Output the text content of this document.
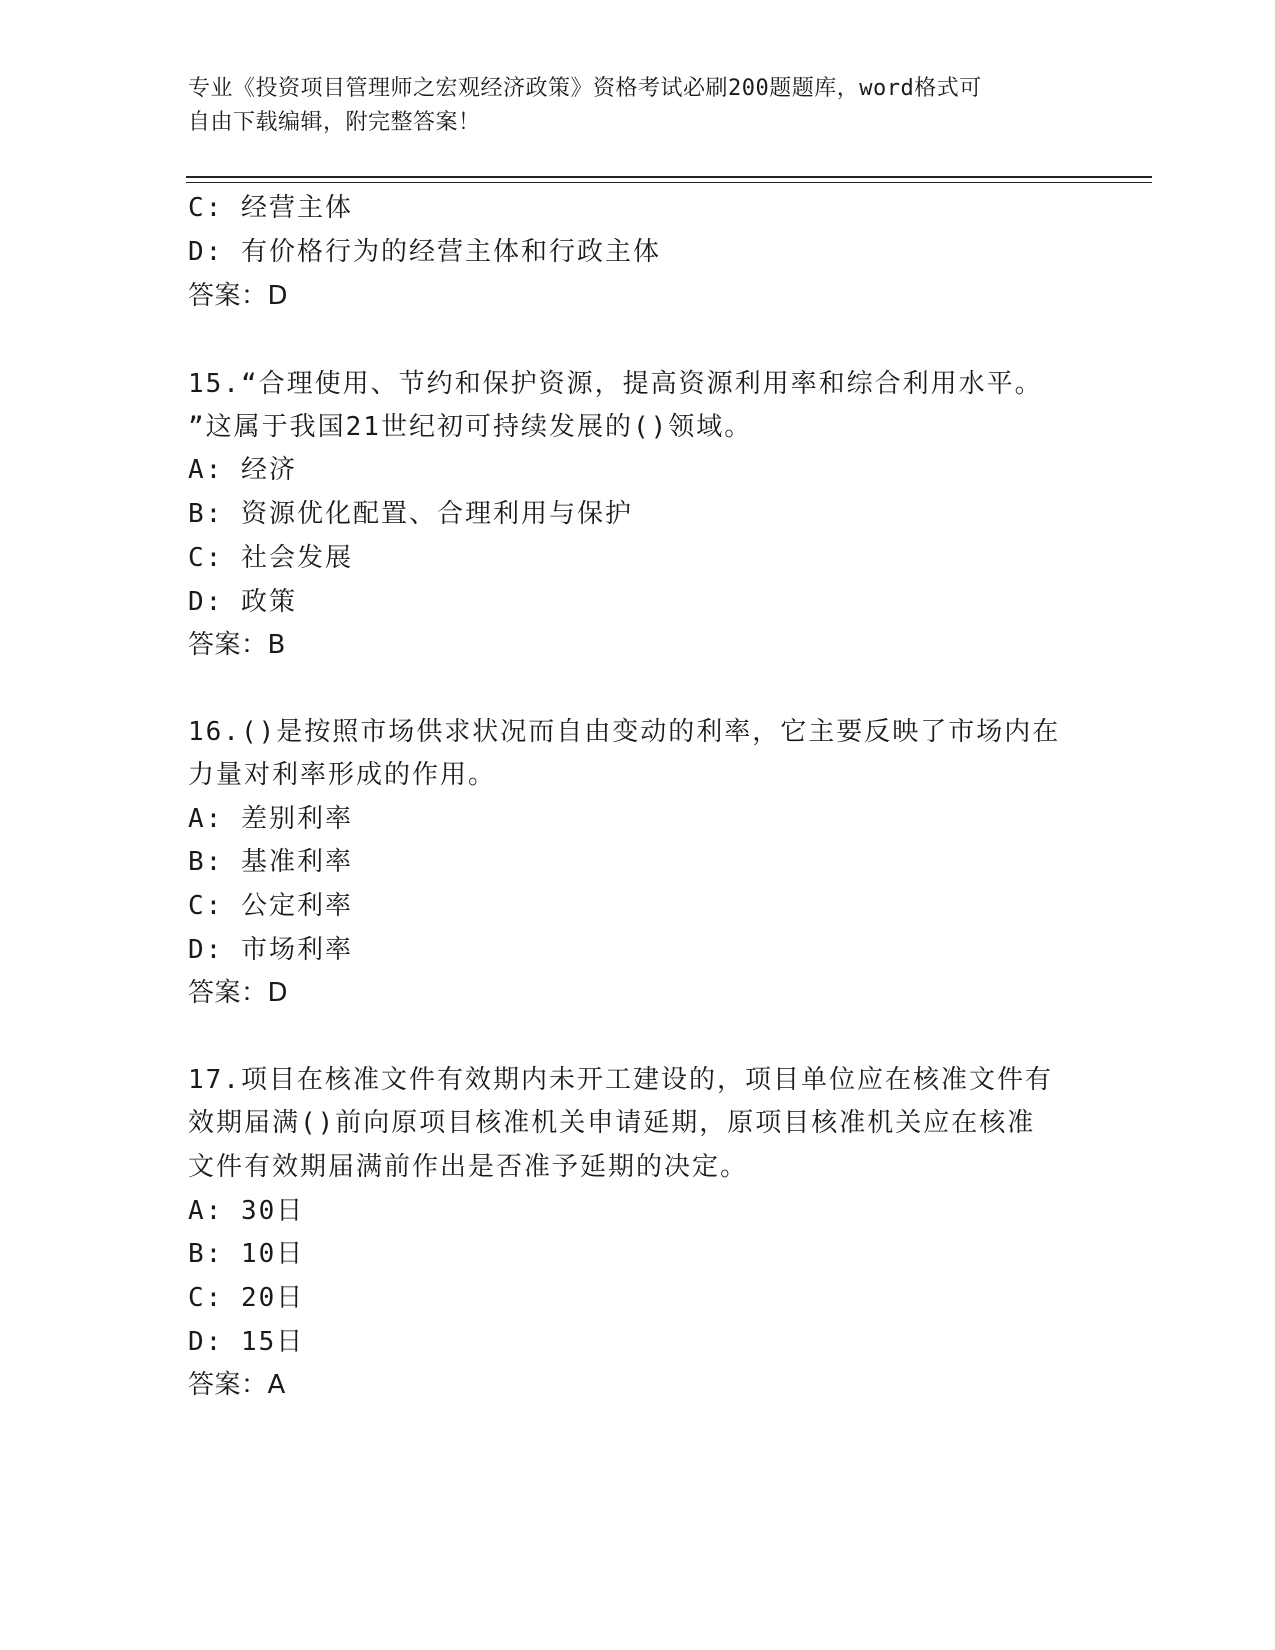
专业《投资项目管理师之宏观经济政策》资格考试必刷200题题库，word格式可
自由下载编辑，附完整答案！
C: 经营主体
D: 有价格行为的经营主体和行政主体
答案：D
15.“合理使用、节约和保护资源，提高资源利用率和综合利用水平。
”这属于我国21世纪初可持续发展的()领域。
A: 经济
B: 资源优化配置、合理利用与保护
C: 社会发展
D: 政策
答案：B
16.()是按照市场供求状况而自由变动的利率，它主要反映了市场内在
力量对利率形成的作用。
A: 差别利率
B: 基准利率
C: 公定利率
D: 市场利率
答案：D
17.项目在核准文件有效期内未开工建设的，项目单位应在核准文件有
效期届满()前向原项目核准机关申请延期，原项目核准机关应在核准
文件有效期届满前作出是否准予延期的决定。
A: 30日
B: 10日
C: 20日
D: 15日
答案：A
